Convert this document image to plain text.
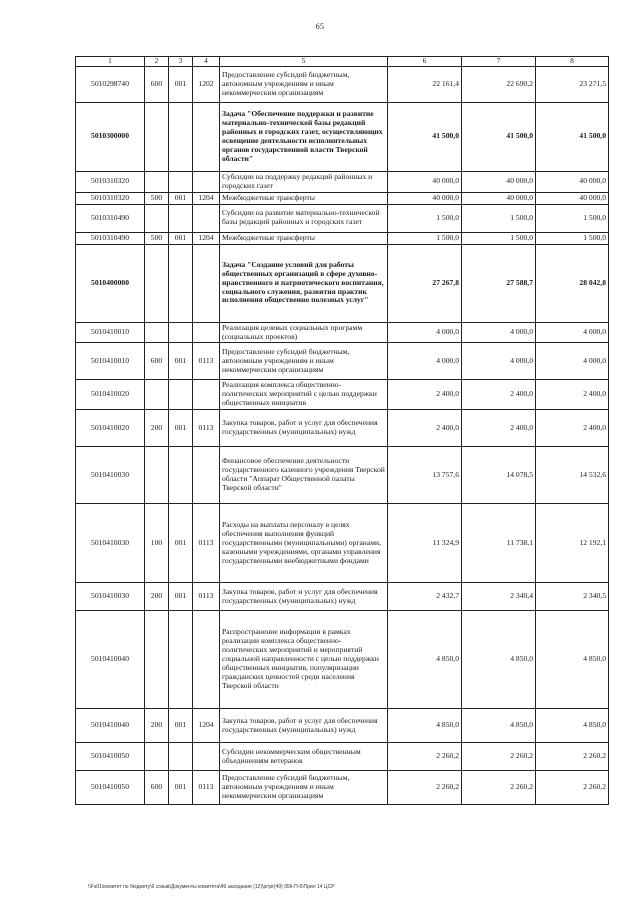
65
1	2	3	4	5	6	7	8
5010298740	600	001	1202	Предоставление субсидий бюджетным, автономным учреждениям и иным некоммерческим организациям	22 161,4	22 690,2	23 271,5
5010300000				Задача "Обеспечение поддержки и развитие материально-технической базы редакций районных и городских газет, осуществляющих освещение деятельности исполнительных органов государственной власти Тверской области"	41 500,0	41 500,0	41 500,0
5010310320				Субсидии на поддержку редакций районных и городских газет	40 000,0	40 000,0	40 000,0
5010310320	500	001	1204	Межбюджетные трансферты	40 000,0	40 000,0	40 000,0
5010310490				Субсидии на развитие материально-технической базы редакций районных и городских газет	1 500,0	1 500,0	1 500,0
5010310490	500	001	1204	Межбюджетные трансферты	1 500,0	1 500,0	1 500,0
5010400000				Задача "Создание условий для работы общественных организаций в сфере духовно-нравственного и патриотического воспитания, социального служения, развития практик исполнения общественно полезных услуг"	27 267,8	27 588,7	28 042,8
5010410010				Реализация целевых социальных программ (социальных проектов)	4 000,0	4 000,0	4 000,0
5010410010	600	001	0113	Предоставление субсидий бюджетным, автономным учреждениям и иным некоммерческим организациям	4 000,0	4 000,0	4 000,0
5010410020				Реализация комплекса общественно-политических мероприятий с целью поддержки общественных инициатив	2 400,0	2 400,0	2 400,0
5010410020	200	001	0113	Закупка товаров, работ и услуг для обеспечения государственных (муниципальных) нужд	2 400,0	2 400,0	2 400,0
5010410030				Финансовое обеспечение деятельности государственного казенного учреждения Тверской области "Аппарат Общественной палаты Тверской области"	13 757,6	14 078,5	14 532,6
5010410030	100	001	0113	Расходы на выплаты персоналу в целях обеспечения выполнения функций государственными (муниципальными) органами, казенными учреждениями, органами управления государственными внебюджетными фондами	11 324,9	11 738,1	12 192,1
5010410030	200	001	0113	Закупка товаров, работ и услуг для обеспечения государственных (муниципальных) нужд	2 432,7	2 340,4	2 340,5
5010410040				Распространение информации в рамках реализации комплекса общественно-политических мероприятий и мероприятий социальной направленности с целью поддержки общественных инициатив, популяризации гражданских ценностей среди населения Тверской области	4 850,0	4 850,0	4 850,0
5010410040	200	001	1204	Закупка товаров, работ и услуг для обеспечения государственных (муниципальных) нужд	4 850,0	4 850,0	4 850,0
5010410050				Субсидии некоммерческим общественным объединениям ветеранов	2 260,2	2 260,2	2 260,2
5010410050	600	001	0113	Предоставление субсидий бюджетным, автономным учреждениям и иным некоммерческим организациям	2 260,2	2 260,2	2 260,2
\\Fs01\комитет по бюджету\6 созыв\Документы комитета\49 заседание (12)\pr\pr(49) 956-П-6\Прил 14 ЦСР
